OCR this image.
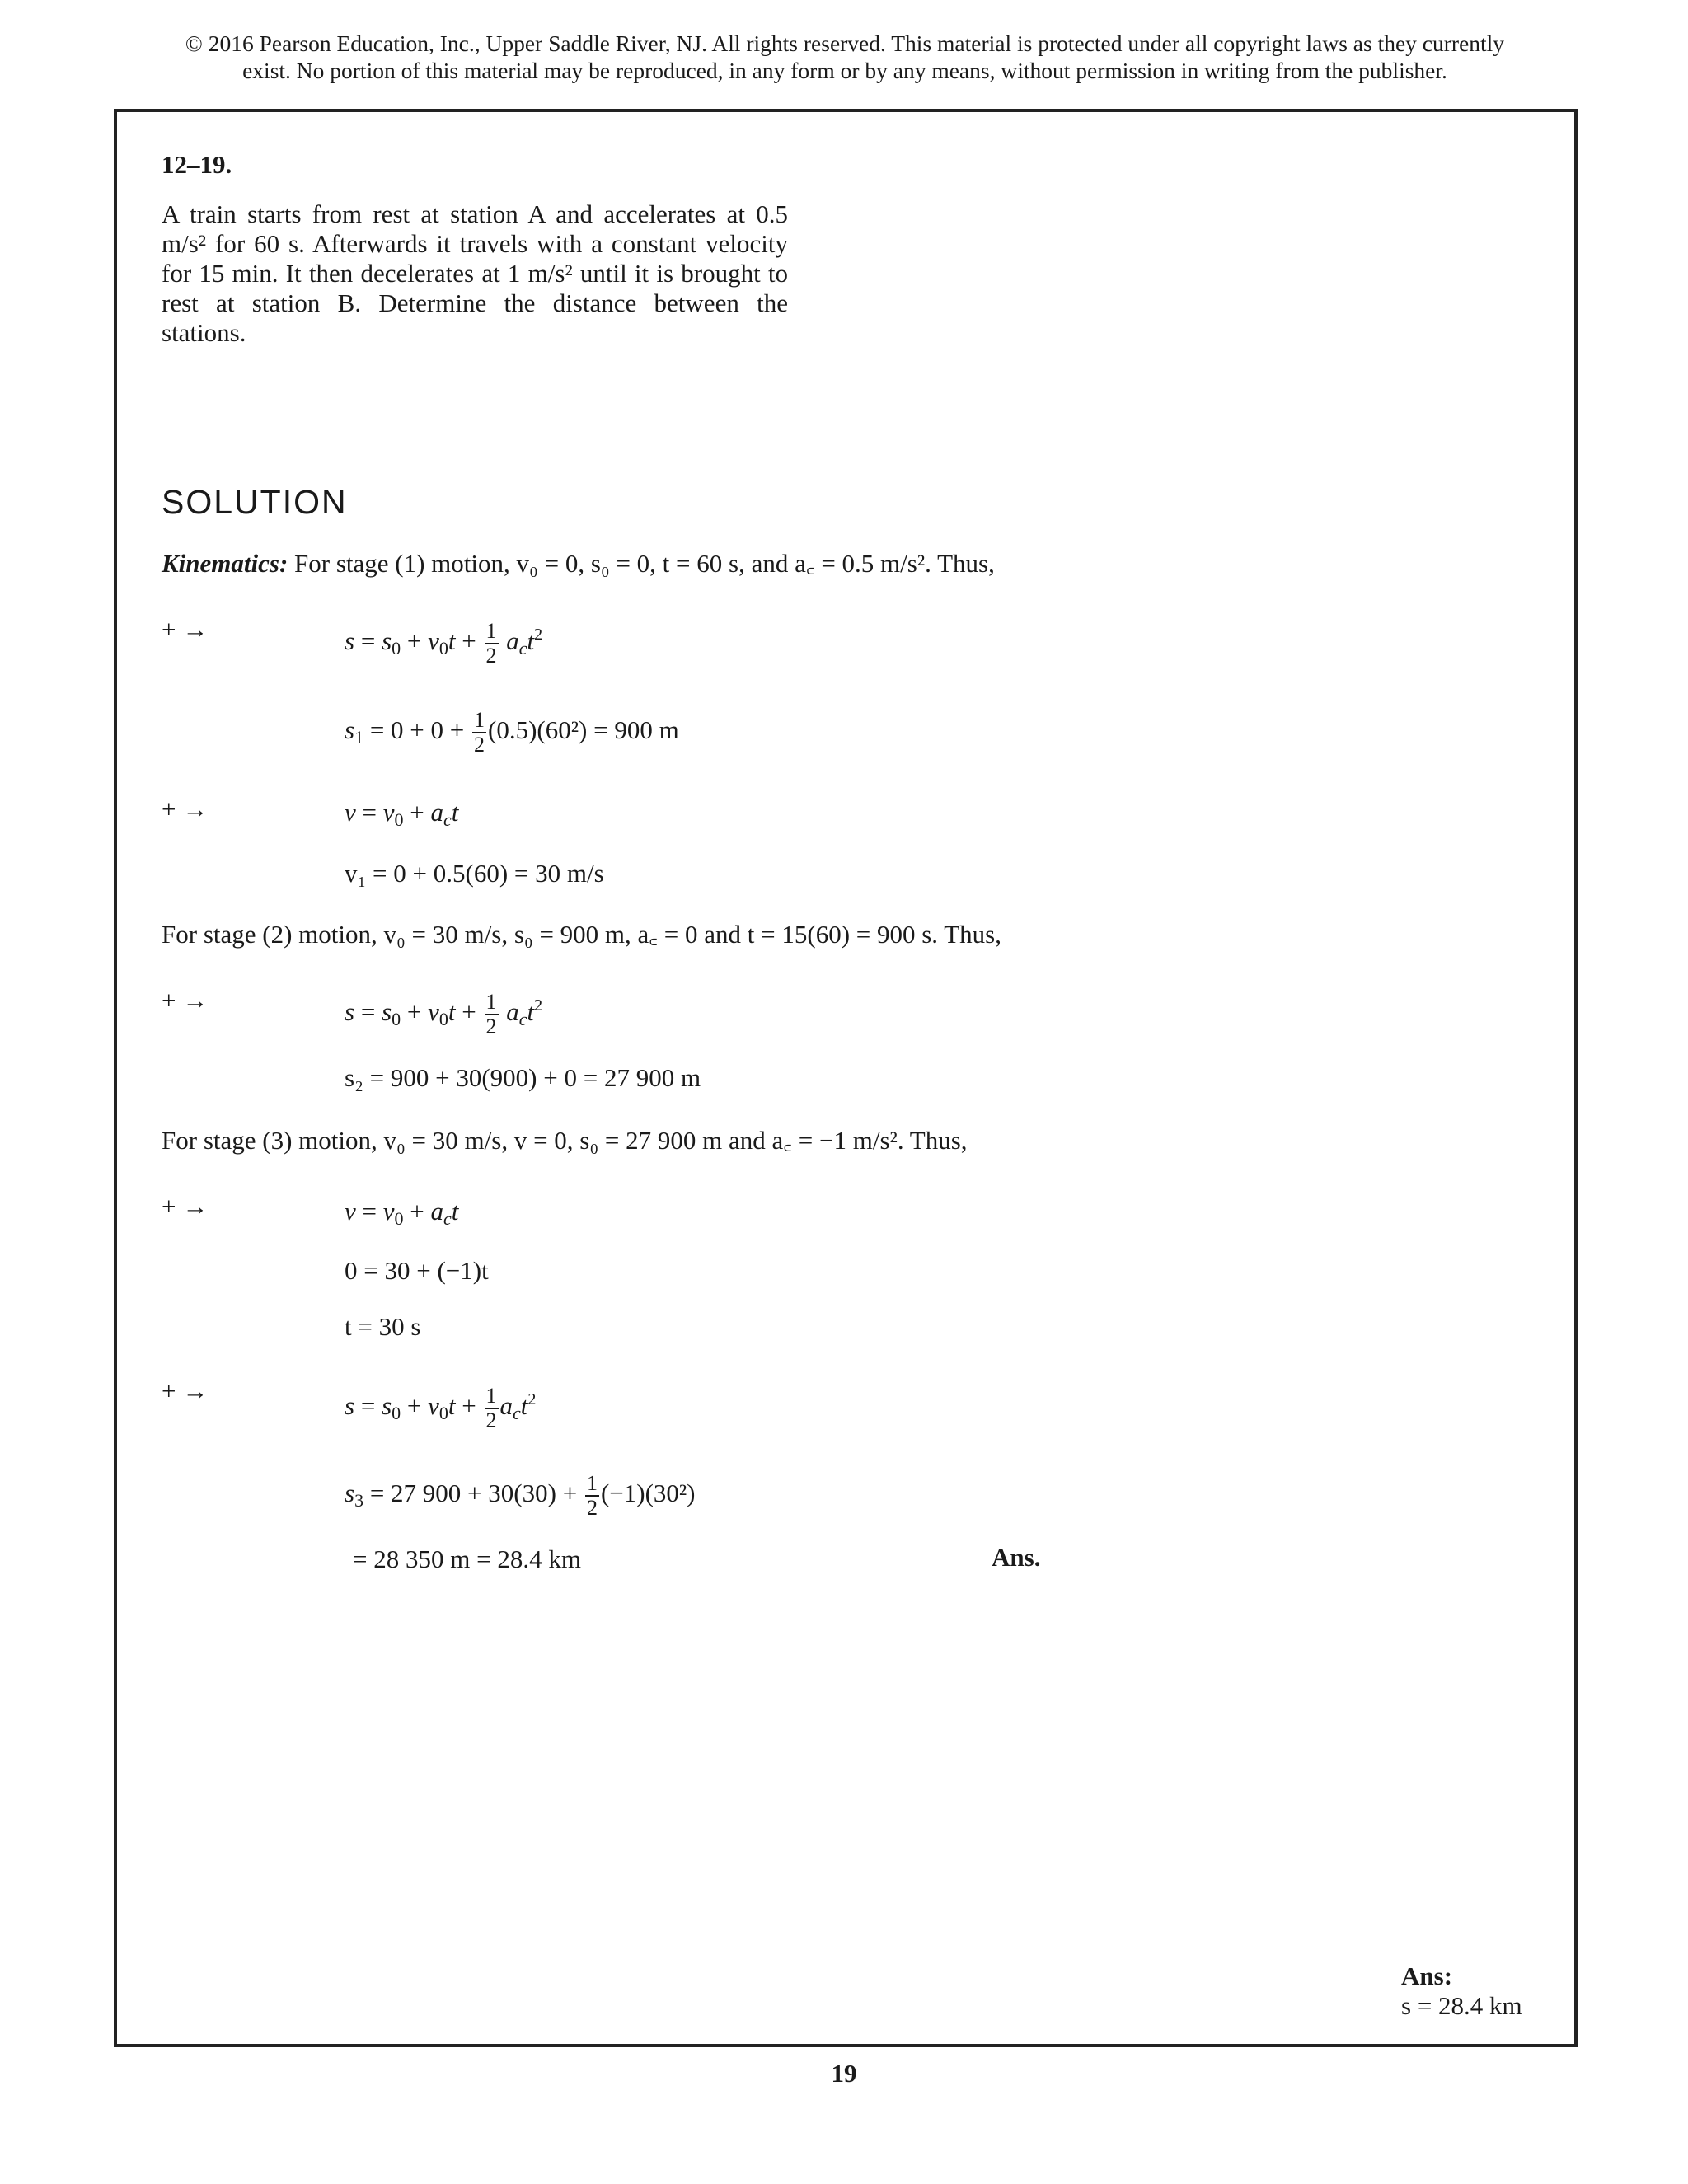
© 2016 Pearson Education, Inc., Upper Saddle River, NJ. All rights reserved. This material is protected under all copyright laws as they currently
exist. No portion of this material may be reproduced, in any form or by any means, without permission in writing from the publisher.
12–19.
A train starts from rest at station A and accelerates at 0.5 m/s² for 60 s. Afterwards it travels with a constant velocity for 15 min. It then decelerates at 1 m/s² until it is brought to rest at station B. Determine the distance between the stations.
SOLUTION
Kinematics: For stage (1) motion, v₀ = 0, s₀ = 0, t = 60 s, and a꜀ = 0.5 m/s². Thus,
+ →	$s = s_0 + v_0t + \frac{1}{2} a_ct^2$
$s_1 = 0 + 0 + \frac{1}{2} (0.5)(60^2) = 900$ m
+ →	$v = v_0 + a_ct$
v₁ = 0 + 0.5(60) = 30 m/s
For stage (2) motion, v₀ = 30 m/s, s₀ = 900 m, a꜀ = 0 and t = 15(60) = 900 s. Thus,
+ →	$s = s_0 + v_0t + \frac{1}{2} a_ct^2$
s₂ = 900 + 30(900) + 0 = 27 900 m
For stage (3) motion, v₀ = 30 m/s, v = 0, s₀ = 27 900 m and a꜀ = −1 m/s². Thus,
+ →	$v = v_0 + a_ct$
0 = 30 + (−1)t
t = 30 s
+ →
$s = s_0 + v_0t + \frac{1}{2} a_ct^2$
$s_3 = 27$ $900 + 30(30) + \frac{1}{2} (-1)(30^2)$
= 28 350 m = 28.4 km	Ans.
Ans:
s = 28.4 km
19
